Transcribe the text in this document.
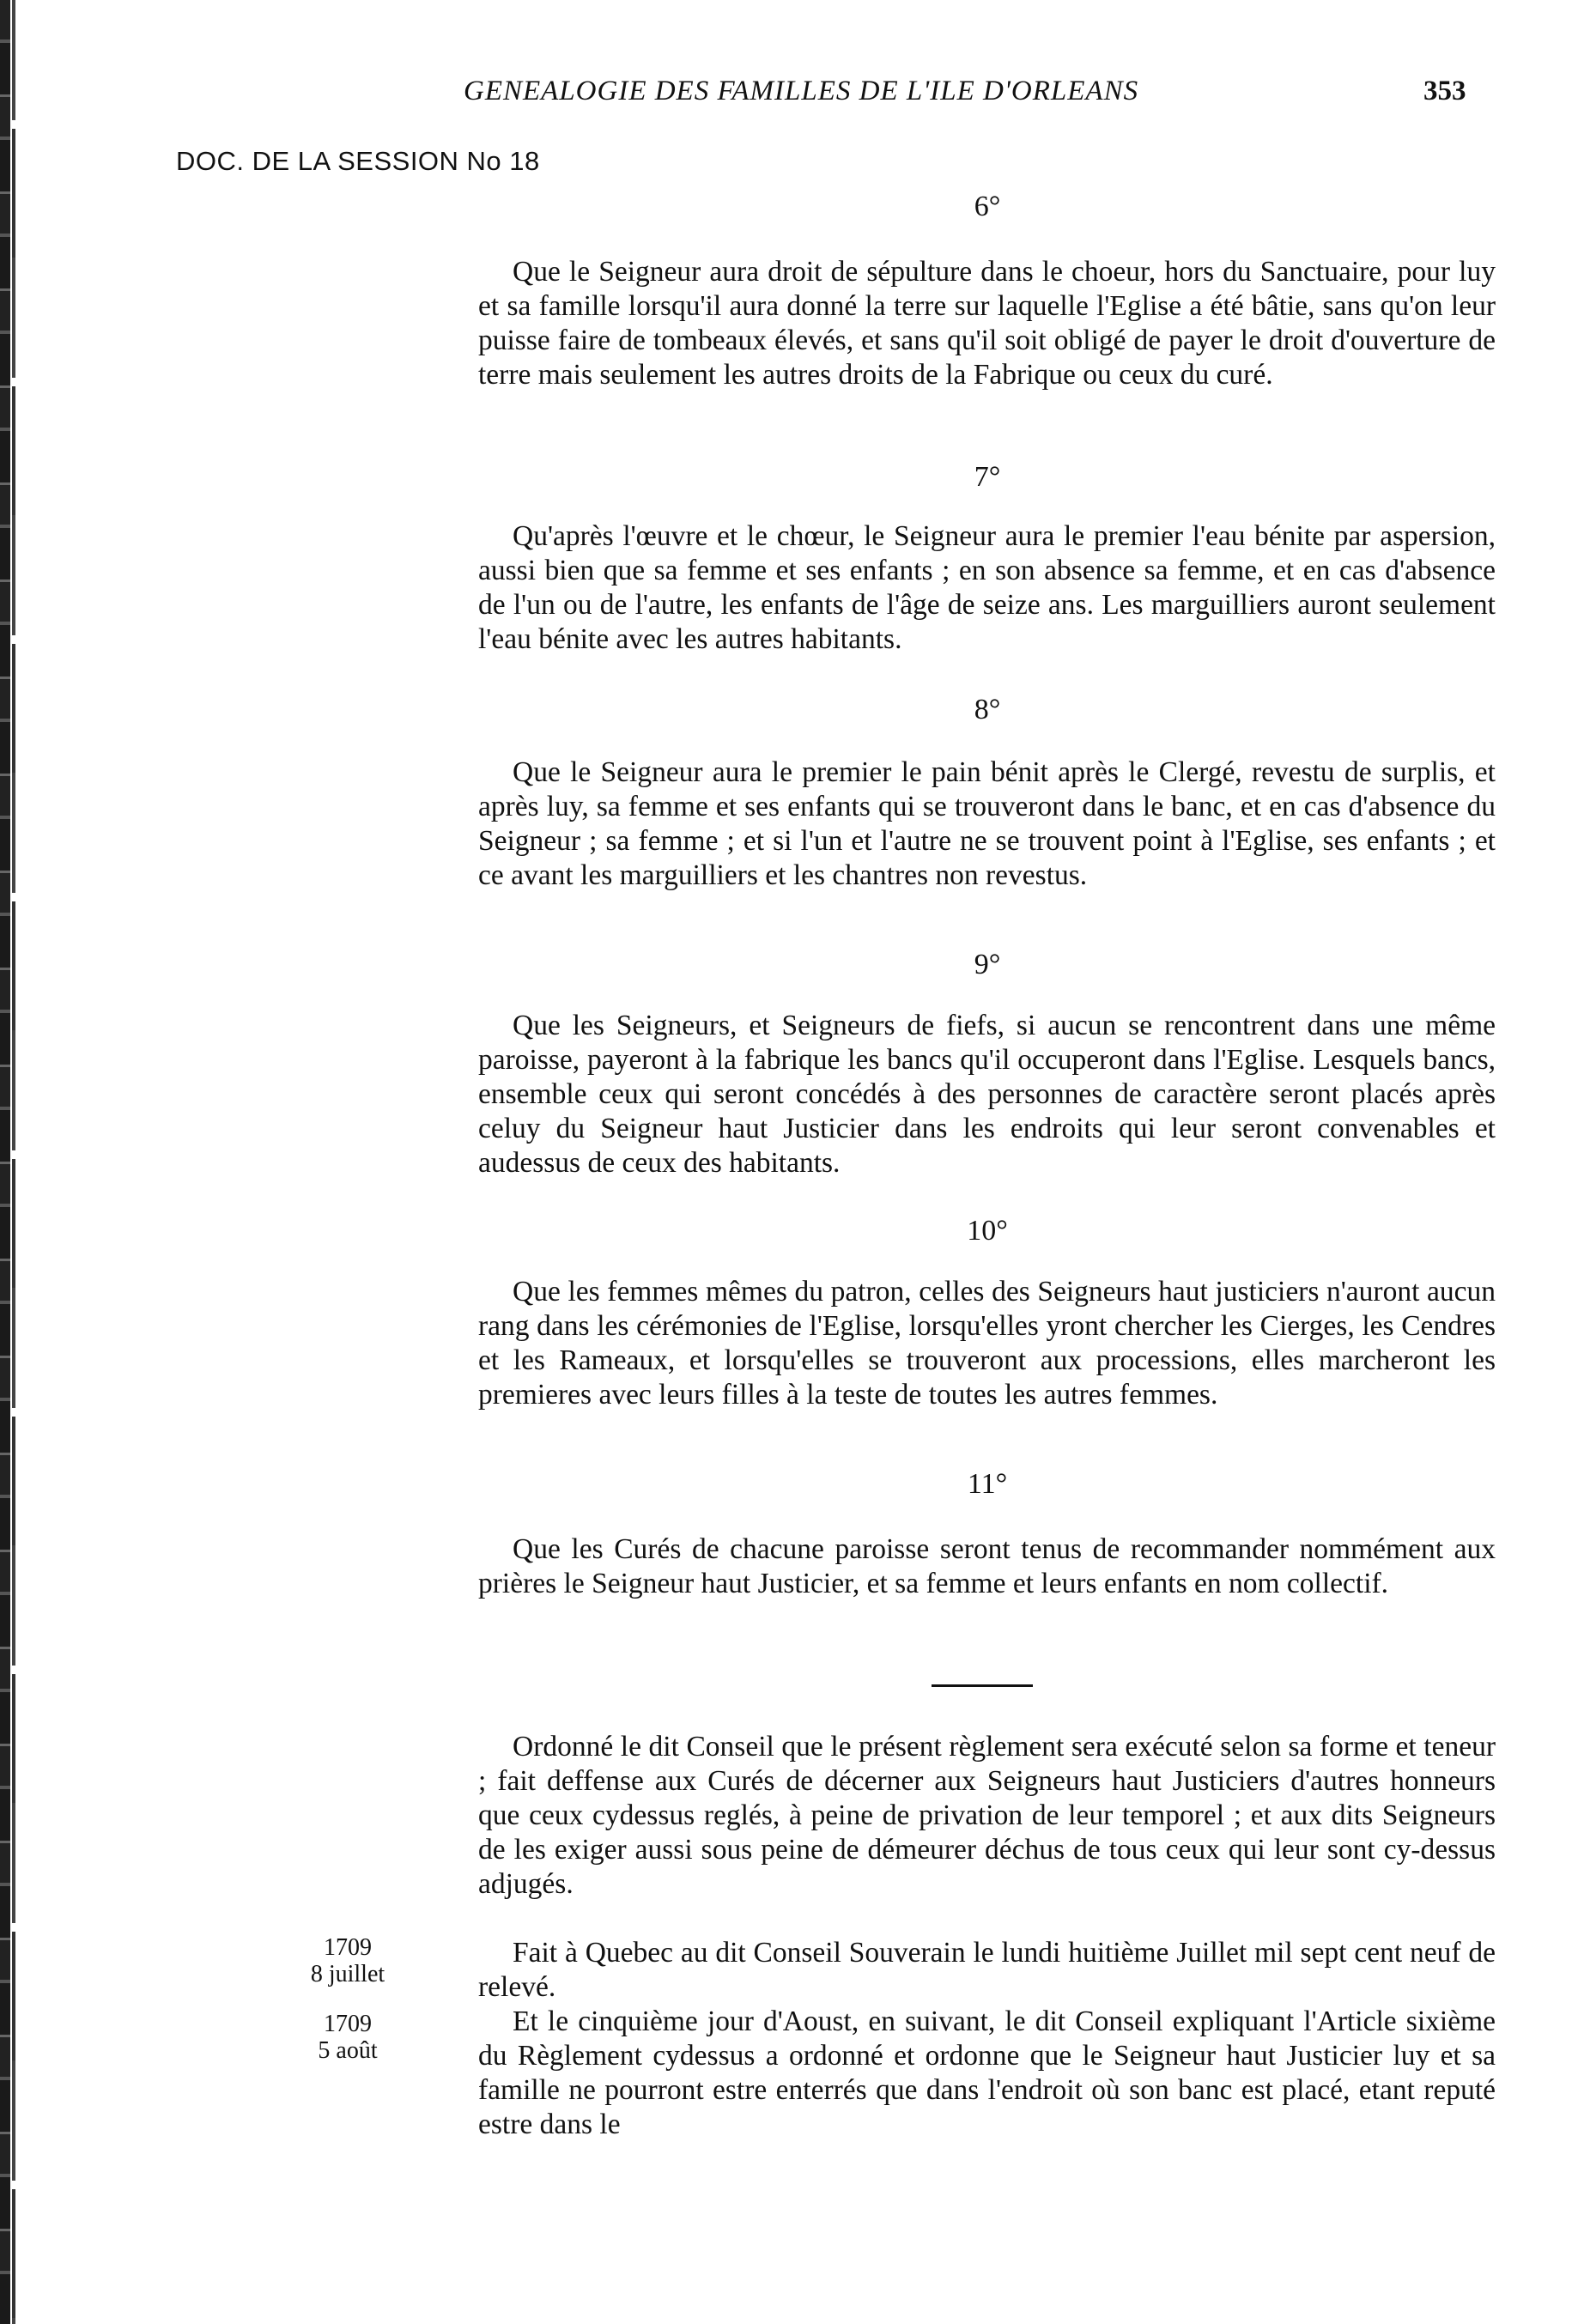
GENEALOGIE DES FAMILLES DE L'ILE D'ORLEANS	353
DOC. DE LA SESSION No 18
6°

Que le Seigneur aura droit de sépulture dans le choeur, hors du Sanctuaire, pour luy et sa famille lorsqu'il aura donné la terre sur laquelle l'Eglise a été bâtie, sans qu'on leur puisse faire de tombeaux élevés, et sans qu'il soit obligé de payer le droit d'ouverture de terre mais seulement les autres droits de la Fabrique ou ceux du curé.

7°

Qu'après l'œuvre et le chœur, le Seigneur aura le premier l'eau bénite par aspersion, aussi bien que sa femme et ses enfants ; en son absence sa femme, et en cas d'absence de l'un ou de l'autre, les enfants de l'âge de seize ans. Les marguilliers auront seulement l'eau bénite avec les autres habitants.

8°

Que le Seigneur aura le premier le pain bénit après le Clergé, revestu de surplis, et après luy, sa femme et ses enfants qui se trouveront dans le banc, et en cas d'absence du Seigneur ; sa femme ; et si l'un et l'autre ne se trouvent point à l'Eglise, ses enfants ; et ce avant les marguilliers et les chantres non revestus.

9°

Que les Seigneurs, et Seigneurs de fiefs, si aucun se rencontrent dans une même paroisse, payeront à la fabrique les bancs qu'il occuperont dans l'Eglise. Lesquels bancs, ensemble ceux qui seront concédés à des personnes de caractère seront placés après celuy du Seigneur haut Justicier dans les endroits qui leur seront convenables et audessus de ceux des habitants.

10°

Que les femmes mêmes du patron, celles des Seigneurs haut justiciers n'auront aucun rang dans les cérémonies de l'Eglise, lorsqu'elles yront chercher les Cierges, les Cendres et les Rameaux, et lorsqu'elles se trouveront aux processions, elles marcheront les premieres avec leurs filles à la teste de toutes les autres femmes.

11°

Que les Curés de chacune paroisse seront tenus de recommander nommément aux prières le Seigneur haut Justicier, et sa femme et leurs enfants en nom collectif.

Ordonné le dit Conseil que le présent règlement sera exécuté selon sa forme et teneur ; fait deffense aux Curés de décerner aux Seigneurs haut Justiciers d'autres honneurs que ceux cydessus reglés, à peine de privation de leur temporel ; et aux dits Seigneurs de les exiger aussi sous peine de démeurer déchus de tous ceux qui leur sont cy-dessus adjugés.

Fait à Quebec au dit Conseil Souverain le lundi huitième Juillet mil sept cent neuf de relevé.

Et le cinquième jour d'Aoust, en suivant, le dit Conseil expliquant l'Article sixième du Règlement cydessus a ordonné et ordonne que le Seigneur haut Justicier luy et sa famille ne pourront estre enterrés que dans l'endroit où son banc est placé, etant reputé estre dans le

1709
8 juillet
1709
5 août
